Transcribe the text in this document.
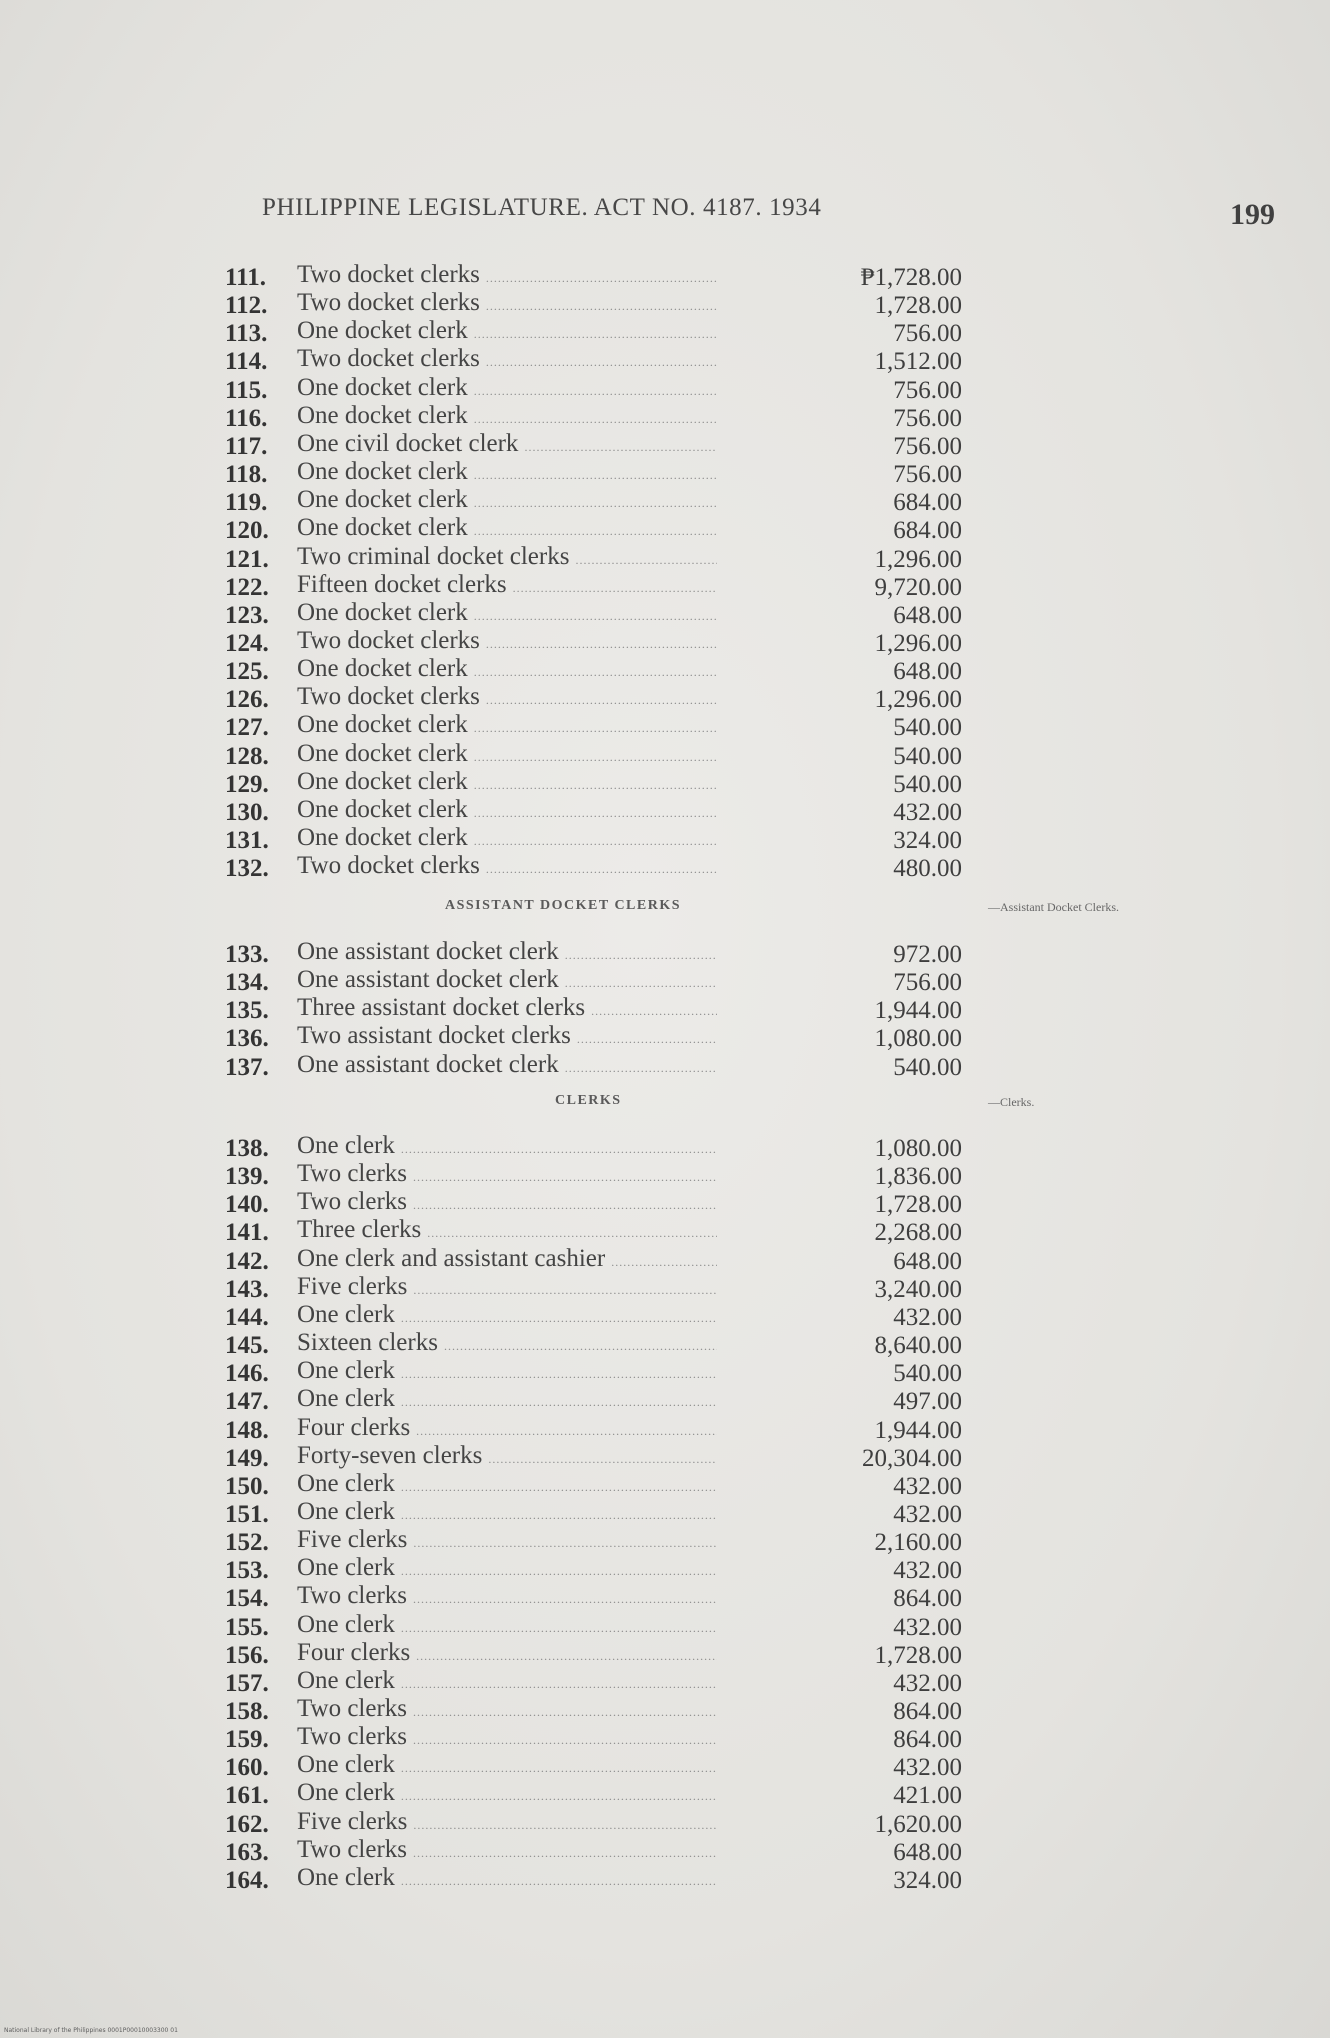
PHILIPPINE LEGISLATURE. ACT NO. 4187. 1934	199
111.	Two docket clerks .....	₱1,728.00
112.	Two docket clerks .....	1,728.00
113.	One docket clerk .....	756.00
114.	Two docket clerks .....	1,512.00
115.	One docket clerk .....	756.00
116.	One docket clerk .....	756.00
117.	One civil docket clerk .....	756.00
118.	One docket clerk .....	756.00
119.	One docket clerk .....	684.00
120.	One docket clerk .....	684.00
121.	Two criminal docket clerks .....	1,296.00
122.	Fifteen docket clerks .....	9,720.00
123.	One docket clerk .....	648.00
124.	Two docket clerks .....	1,296.00
125.	One docket clerk .....	648.00
126.	Two docket clerks .....	1,296.00
127.	One docket clerk .....	540.00
128.	One docket clerk .....	540.00
129.	One docket clerk .....	540.00
130.	One docket clerk .....	432.00
131.	One docket clerk .....	324.00
132.	Two docket clerks .....	480.00
133.	One assistant docket clerk .....	972.00
134.	One assistant docket clerk .....	756.00
135.	Three assistant docket clerks .....	1,944.00
136.	Two assistant docket clerks .....	1,080.00
137.	One assistant docket clerk .....	540.00
138.	One clerk .....	1,080.00
139.	Two clerks .....	1,836.00
140.	Two clerks .....	1,728.00
141.	Three clerks .....	2,268.00
142.	One clerk and assistant cashier .....	648.00
143.	Five clerks .....	3,240.00
144.	One clerk .....	432.00
145.	Sixteen clerks .....	8,640.00
146.	One clerk .....	540.00
147.	One clerk .....	497.00
148.	Four clerks .....	1,944.00
149.	Forty-seven clerks .....	20,304.00
150.	One clerk .....	432.00
151.	One clerk .....	432.00
152.	Five clerks .....	2,160.00
153.	One clerk .....	432.00
154.	Two clerks .....	864.00
155.	One clerk .....	432.00
156.	Four clerks .....	1,728.00
157.	One clerk .....	432.00
158.	Two clerks .....	864.00
159.	Two clerks .....	864.00
160.	One clerk .....	432.00
161.	One clerk .....	421.00
162.	Five clerks .....	1,620.00
163.	Two clerks .....	648.00
164.	One clerk .....	324.00
ASSISTANT DOCKET CLERKS	—Assistant Docket Clerks.
CLERKS	—Clerks.
National Library of the Philippines 0001P00010003300 01
